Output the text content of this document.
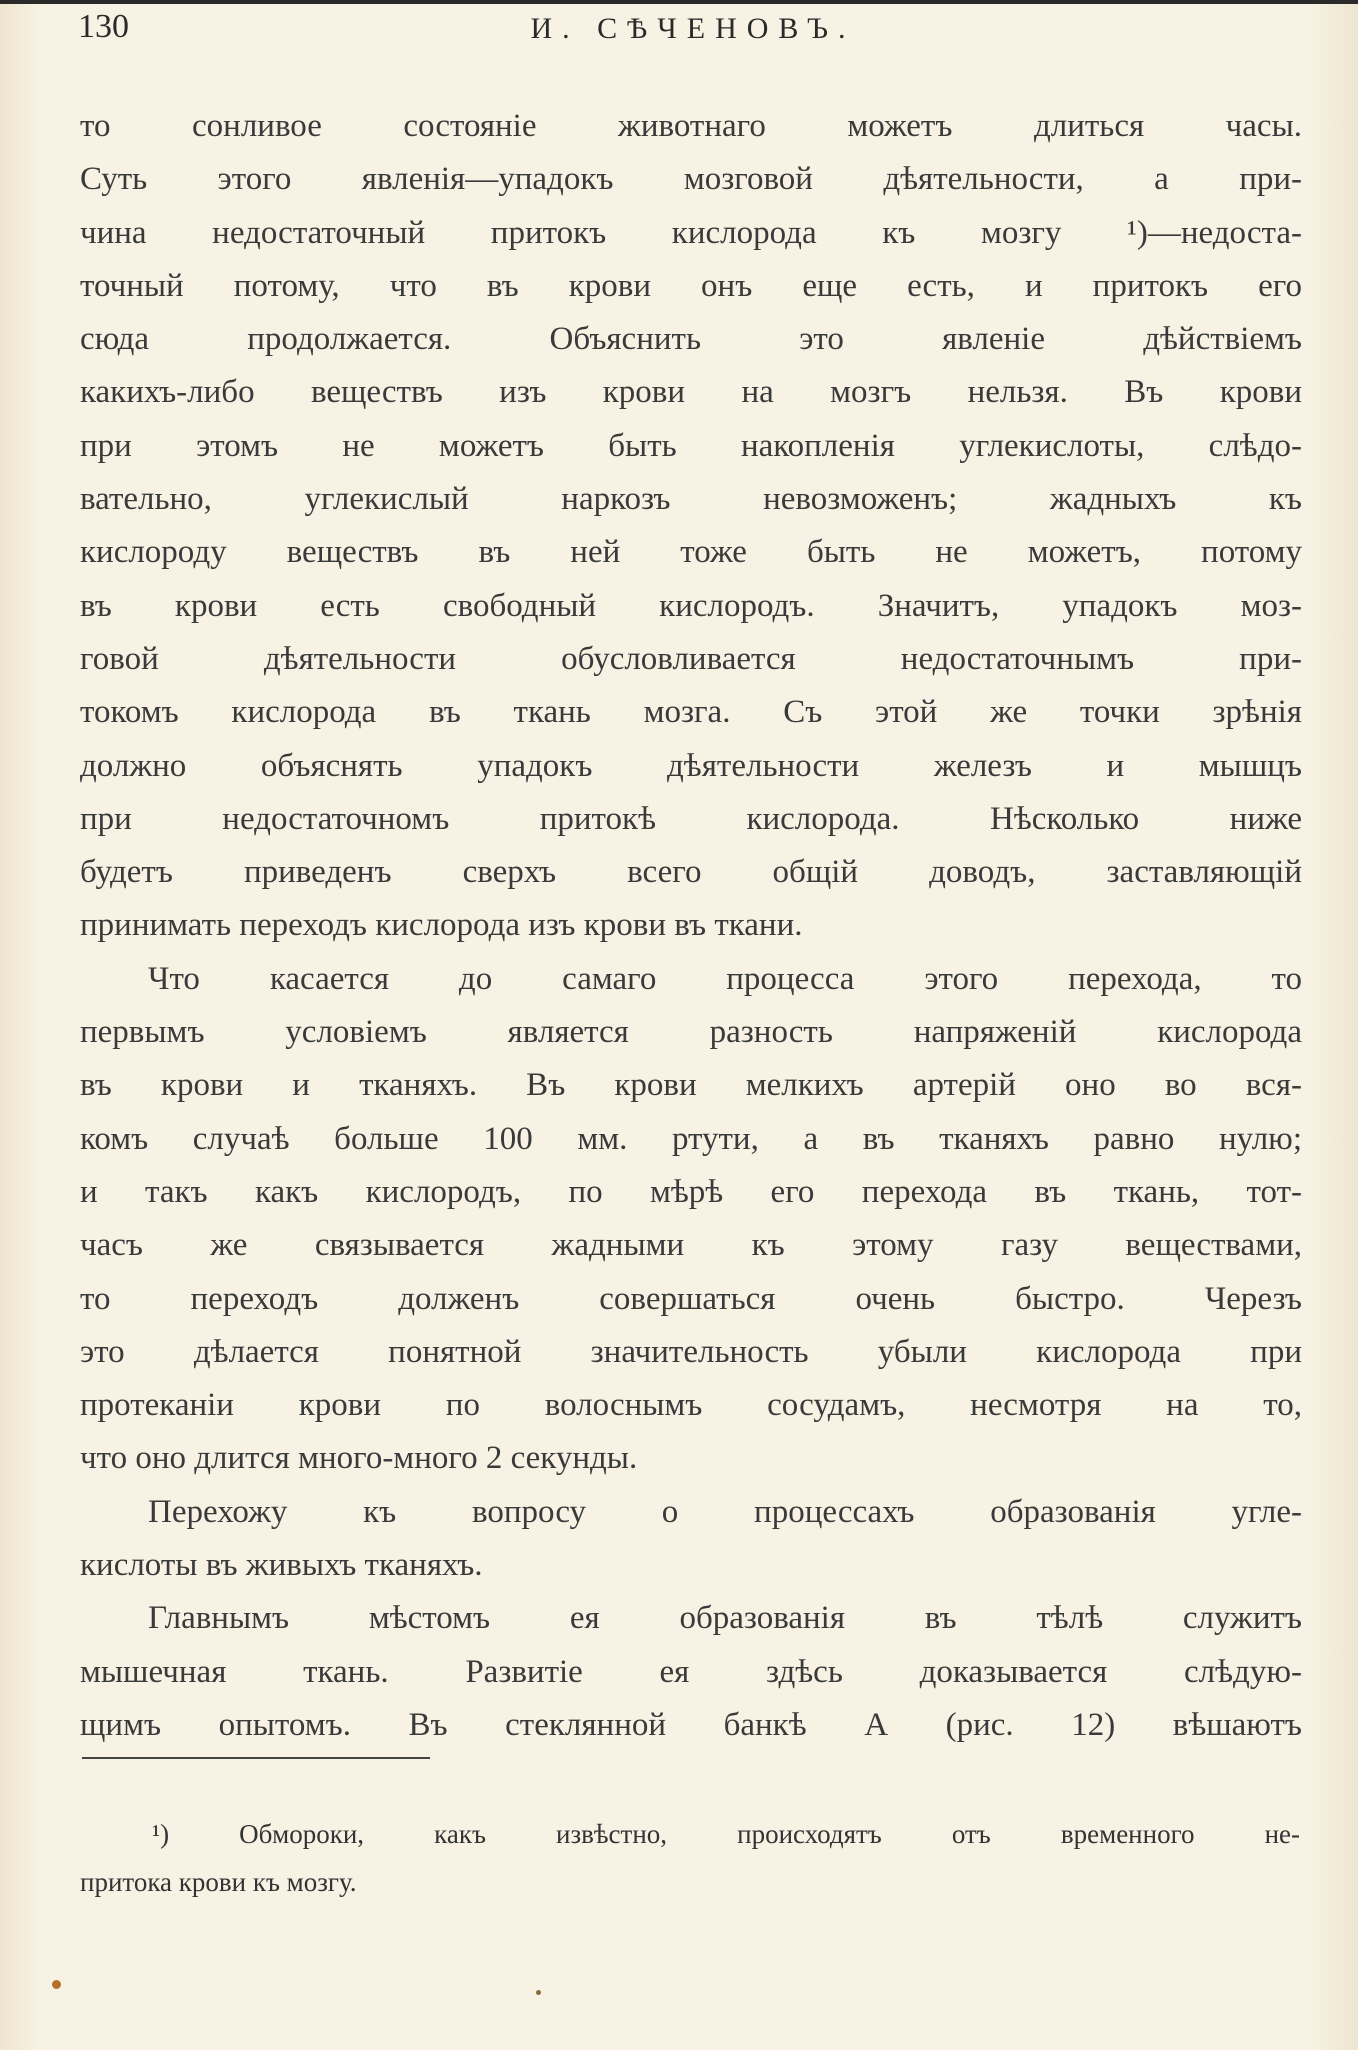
130	И. СѢЧЕНОВЪ.
то сонливое состоянiе животнаго можетъ длиться часы.
Суть этого явленiя—упадокъ мозговой дѣятельности, а при-
чина недостаточный притокъ кислорода къ мозгу ¹)—недоста-
точный потому, что въ крови онъ еще есть, и притокъ его
сюда продолжается. Объяснить это явленiе дѣйствiемъ
какихъ-либо веществъ изъ крови на мозгъ нельзя. Въ крови
при этомъ не можетъ быть накопленiя углекислоты, слѣдо-
вательно, углекислый наркозъ невозможенъ; жадныхъ къ
кислороду веществъ въ ней тоже быть не можетъ, потому
въ крови есть свободный кислородъ. Значитъ, упадокъ моз-
говой дѣятельности обусловливается недостаточнымъ при-
токомъ кислорода въ ткань мозга. Съ этой же точки зрѣнiя
должно объяснять упадокъ дѣятельности железъ и мышцъ
при недостаточномъ притокѣ кислорода. Нѣсколько ниже
будетъ приведенъ сверхъ всего общiй доводъ, заставляющiй
принимать переходъ кислорода изъ крови въ ткани.
Что касается до самаго процесса этого перехода, то
первымъ условiемъ является разность напряженiй кислорода
въ крови и тканяхъ. Въ крови мелкихъ артерiй оно во вся-
комъ случаѣ больше 100 мм. ртути, а въ тканяхъ равно нулю;
и такъ какъ кислородъ, по мѣрѣ его перехода въ ткань, тот-
часъ же связывается жадными къ этому газу веществами,
то переходъ долженъ совершаться очень быстро. Черезъ
это дѣлается понятной значительность убыли кислорода при
протеканiи крови по волоснымъ сосудамъ, несмотря на то,
что оно длится много-много 2 секунды.
Перехожу къ вопросу о процессахъ образованiя угле-
кислоты въ живыхъ тканяхъ.
Главнымъ мѣстомъ ея образованiя въ тѣлѣ служитъ
мышечная ткань. Развитiе ея здѣсь доказывается слѣдую-
щимъ опытомъ. Въ стеклянной банкѣ А (рис. 12) вѣшаютъ
¹) Обмороки, какъ извѣстно, происходятъ отъ временного не-
притока крови къ мозгу.
